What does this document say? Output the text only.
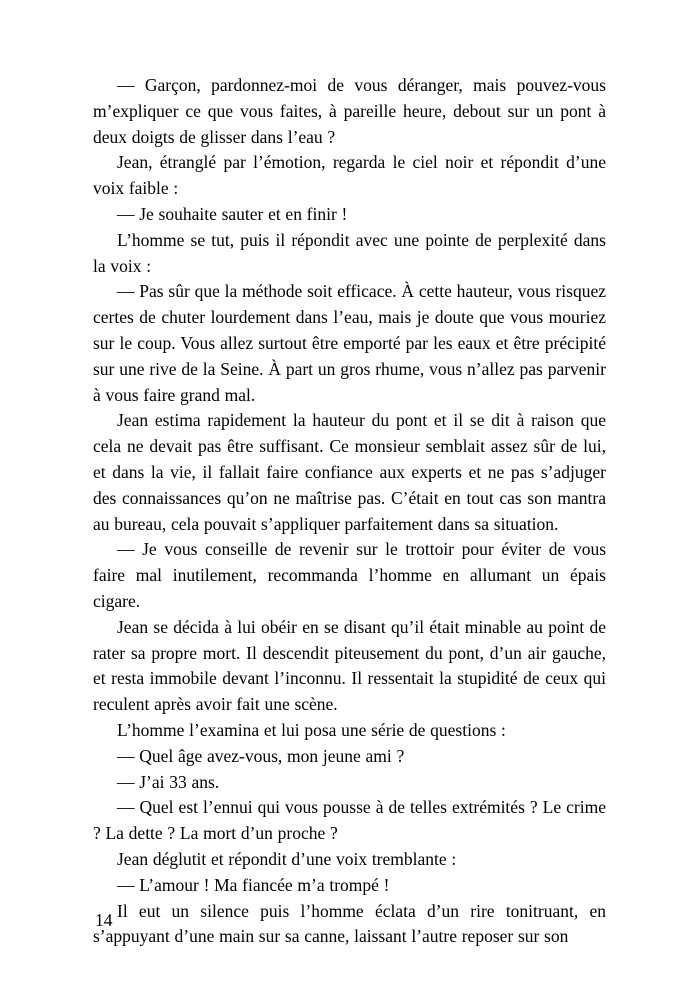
— Garçon, pardonnez-moi de vous déranger, mais pouvez-vous m’expliquer ce que vous faites, à pareille heure, debout sur un pont à deux doigts de glisser dans l’eau ?

Jean, étranglé par l’émotion, regarda le ciel noir et répondit d’une voix faible :

— Je souhaite sauter et en finir !

L’homme se tut, puis il répondit avec une pointe de perplexité dans la voix :

— Pas sûr que la méthode soit efficace. À cette hauteur, vous risquez certes de chuter lourdement dans l’eau, mais je doute que vous mouriez sur le coup. Vous allez surtout être emporté par les eaux et être précipité sur une rive de la Seine. À part un gros rhume, vous n’allez pas parvenir à vous faire grand mal.

Jean estima rapidement la hauteur du pont et il se dit à raison que cela ne devait pas être suffisant. Ce monsieur semblait assez sûr de lui, et dans la vie, il fallait faire confiance aux experts et ne pas s’adjuger des connaissances qu’on ne maîtrise pas. C’était en tout cas son mantra au bureau, cela pouvait s’appliquer parfaitement dans sa situation.

— Je vous conseille de revenir sur le trottoir pour éviter de vous faire mal inutilement, recommanda l’homme en allumant un épais cigare.

Jean se décida à lui obéir en se disant qu’il était minable au point de rater sa propre mort. Il descendit piteusement du pont, d’un air gauche, et resta immobile devant l’inconnu. Il ressentait la stupidité de ceux qui reculent après avoir fait une scène.

L’homme l’examina et lui posa une série de questions :

— Quel âge avez-vous, mon jeune ami ?

— J’ai 33 ans.

— Quel est l’ennui qui vous pousse à de telles extrémités ? Le crime ? La dette ? La mort d’un proche ?

Jean déglutit et répondit d’une voix tremblante :

— L’amour ! Ma fiancée m’a trompé !

Il eut un silence puis l’homme éclata d’un rire tonitruant, en s’appuyant d’une main sur sa canne, laissant l’autre reposer sur son

14
